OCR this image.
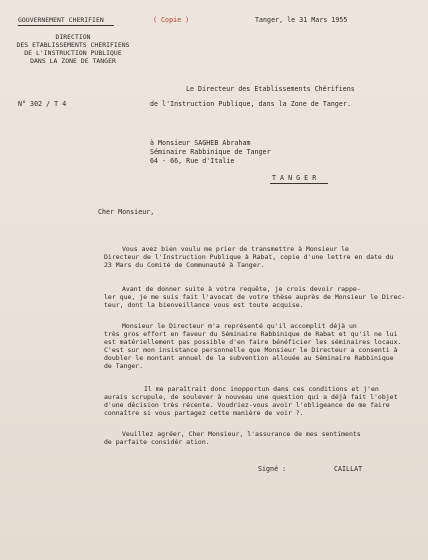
GOUVERNEMENT CHERIFIEN
DIRECTION
DES ETABLISSEMENTS CHERIFIENS
DE L'INSTRUCTION PUBLIQUE
DANS LA ZONE DE TANGER
( Copie )	Tanger, le 31 Mars 1955
N° 302 / T 4
Le Directeur des Etablissements Chérifiens
de l'Instruction Publique, dans la Zone de Tanger.
à Monsieur SAGHEB Abraham
Séminaire Rabbinique de Tanger
64 - 66, Rue d'Italie
T A N G E R
Cher Monsieur,
Vous avez bien voulu me prier de transmettre à Monsieur le
Directeur de l'Instruction Publique à Rabat, copie d'une lettre en date du
23 Mars du Comité de Communauté à Tanger.
Avant de donner suite à votre requête, je crois devoir rappe-
ler que, je me suis fait l'avocat de votre thèse auprès de Monsieur le Direc-
teur, dont la bienveillance vous est toute acquise.
Monsieur le Directeur m'a représenté qu'il accomplit déjà un
très gros effort en faveur du Séminaire Rabbinique de Rabat et qu'il ne lui
est matériellement pas possible d'en faire bénéficier les séminaires locaux.
C'est sur mon insistance personnelle que Monsieur le Directeur a consenti à
doubler le montant annuel de la subvention allouée au Séminaire Rabbinique
de Tanger.
Il me paraîtrait donc inopportun dans ces conditions et j'en
aurais scrupule, de soulever à nouveau une question qui a déjà fait l'objet
d'une décision très récente. Voudriez-vous avoir l'obligeance de me faire
connaître si vous partagez cette manière de voir ?.
Veuillez agréer, Cher Monsieur, l'assurance de mes sentiments
de parfaite considér ation.
Signé :	CAILLAT
